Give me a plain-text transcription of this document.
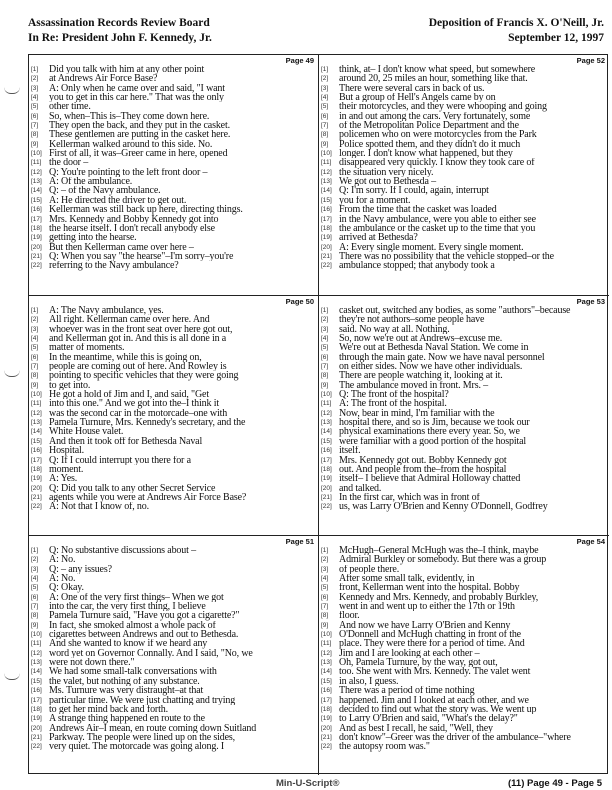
Assassination Records Review Board
In Re: President John F. Kennedy, Jr.
Deposition of Francis X. O'Neill, Jr.
September 12, 1997
Page 49
[1]	Did you talk with him at any other point
[2]	at Andrews Air Force Base?
[3]	A: Only when he came over and said, "I want
[4]	you to get in this car here." That was the only
[5]	other time.
[6]	So, when–This is–They come down here.
[7]	They open the back, and they put in the casket.
[8]	These gentlemen are putting in the casket here.
[9]	Kellerman walked around to this side. No.
[10] First of all, it was–Greer came in here, opened
[11] the door –
[12] Q: You're pointing to the left front door –
[13] A: Of the ambulance.
[14] Q: – of the Navy ambulance.
[15] A: He directed the driver to get out.
[16] Kellerman was still back up here, directing things.
[17] Mrs. Kennedy and Bobby Kennedy got into
[18] the hearse itself. I don't recall anybody else
[19] getting into the hearse.
[20] But then Kellerman came over here –
[21] Q: When you say "the hearse"–I'm sorry–you're
[22] referring to the Navy ambulance?
Page 52
[1]	think, at– I don't know what speed, but somewhere
[2]	around 20, 25 miles an hour, something like that.
[3]	There were several cars in back of us.
[4]	But a group of Hell's Angels came by on
[5]	their motorcycles, and they were whooping and going
[6]	in and out among the cars. Very fortunately, some
[7]	of the Metropolitan Police Department and the
[8]	policemen who on were motorcycles from the Park
[9]	Police spotted them, and they didn't do it much
[10] longer. I don't know what happened, but they
[11] disappeared very quickly. I know they took care of
[12] the situation very nicely.
[13] We got out to Bethesda –
[14] Q: I'm sorry. If I could, again, interrupt
[15] you for a moment.
[16] From the time that the casket was loaded
[17] in the Navy ambulance, were you able to either see
[18] the ambulance or the casket up to the time that you
[19] arrived at Bethesda?
[20] A: Every single moment. Every single moment.
[21] There was no possibility that the vehicle stopped–or the
[22] ambulance stopped; that anybody took a
Page 50
[1]	A: The Navy ambulance, yes.
[2]	All right. Kellerman came over here. And
[3]	whoever was in the front seat over here got out,
[4]	and Kellerman got in. And this is all done in a
[5]	matter of moments.
[6]	In the meantime, while this is going on,
[7]	people are coming out of here. And Rowley is
[8]	pointing to specific vehicles that they were going
[9]	to get into.
[10] He got a hold of Jim and I, and said, "Get
[11] into this one." And we got into the–I think it
[12] was the second car in the motorcade–one with
[13] Pamela Turnure, Mrs. Kennedy's secretary, and the
[14] White House valet.
[15] And then it took off for Bethesda Naval
[16] Hospital.
[17] Q: If I could interrupt you there for a
[18] moment.
[19] A: Yes.
[20] Q: Did you talk to any other Secret Service
[21] agents while you were at Andrews Air Force Base?
[22] A: Not that I know of, no.
Page 53
[1]	casket out, switched any bodies, as some "authors"–because
[2]	they're not authors–some people have
[3]	said. No way at all. Nothing.
[4]	So, now we're out at Andrews–excuse me.
[5]	We're out at Bethesda Naval Station. We come in
[6]	through the main gate. Now we have naval personnel
[7]	on either sides. Now we have other individuals.
[8]	There are people watching it, looking at it.
[9]	The ambulance moved in front. Mrs. –
[10] Q: The front of the hospital?
[11] A: The front of the hospital.
[12] Now, bear in mind, I'm familiar with the
[13] hospital there, and so is Jim, because we took our
[14] physical examinations there every year. So, we
[15] were familiar with a good portion of the hospital
[16] itself.
[17] Mrs. Kennedy got out. Bobby Kennedy got
[18] out. And people from the–from the hospital
[19] itself– I believe that Admiral Holloway chatted
[20] and talked.
[21] In the first car, which was in front of
[22] us, was Larry O'Brien and Kenny O'Donnell, Godfrey
Page 51
[1]	Q: No substantive discussions about –
[2]	A: No.
[3]	Q: – any issues?
[4]	A: No.
[5]	Q: Okay.
[6]	A: One of the very first things– When we got
[7]	into the car, the very first thing, I believe
[8]	Pamela Turnure said, "Have you got a cigarette?"
[9]	In fact, she smoked almost a whole pack of
[10] cigarettes between Andrews and out to Bethesda.
[11] And she wanted to know if we heard any
[12] word yet on Governor Connally. And I said, "No, we
[13] were not down there."
[14] We had some small-talk conversations with
[15] the valet, but nothing of any substance.
[16] Ms. Turnure was very distraught–at that
[17] particular time. We were just chatting and trying
[18] to get her mind back and forth.
[19] A strange thing happened en route to the
[20] Andrews Air–I mean, en route coming down Suitland
[21] Parkway. The people were lined up on the sides,
[22] very quiet. The motorcade was going along. I
Page 54
[1]	McHugh–General McHugh was the–I think, maybe
[2]	Admiral Burkley or somebody. But there was a group
[3]	of people there.
[4]	After some small talk, evidently, in
[5]	front, Kellerman went into the hospital. Bobby
[6]	Kennedy and Mrs. Kennedy, and probably Burkley,
[7]	went in and went up to either the 17th or 19th
[8]	floor.
[9]	And now we have Larry O'Brien and Kenny
[10] O'Donnell and McHugh chatting in front of the
[11] place. They were there for a period of time. And
[12] Jim and I are looking at each other –
[13] Oh, Pamela Turnure, by the way, got out,
[14] too. She went with Mrs. Kennedy. The valet went
[15] in also, I guess.
[16] There was a period of time nothing
[17] happened. Jim and I looked at each other, and we
[18] decided to find out what the story was. We went up
[19] to Larry O'Brien and said, "What's the delay?"
[20] And as best I recall, he said, "Well, they
[21] don't know"–Greer was the driver of the ambulance–"where
[22] the autopsy room was."
Min-U-Script®	(11) Page 49 - Page 5
